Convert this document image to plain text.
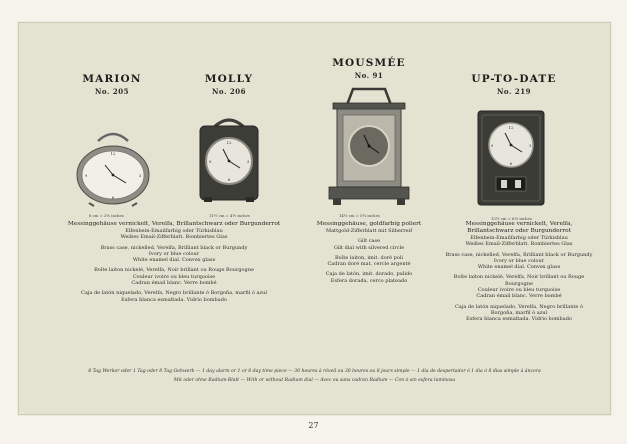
MARION
No. 205
12
3
6
9
6 cm = 2⅜ inches
MOLLY
No. 206
12
3
6
9
11½ cm = 4½ inches
MOUSMÉE
No. 91
14½ cm = 5¾ inches
UP-TO-DATE
No. 219
12
3
6
9
15½ cm = 6⅛ inches
Messinggehäuse vernickelt, Verelfa, Brillantschwarz oder Burgunderrot
Elfenbein-Emailfarbig oder Türkisblau
Weißes Email-Zifferblatt. Bombiertes Glas
Brass case, nickelled, Verelfa, Brilliant black or Burgundy
Ivory or blue colour
White enamel dial. Convex glass
Boîte laiton nickelé, Verelfa, Noir brillant ou Rouge Bourgogne
Couleur ivoire ou bleu turquoise
Cadran émail blanc. Verre bombé
Caja de latón niquelado, Verelfa, Negro brillante ó Borgoña, marfil ó azul
Esfera blanca esmaltada. Vidrio bombado
Messinggehäuse, goldfarbig poliert
Mattgold-Zifferblatt mit Silberreif
Gilt case
Gilt dial with silvered circle
Boîte laiton, imit. doré poli
Cadran doré mat, cercle argenté
Caja de latón, imit. dorado, pulido
Esfera dorada, cerco plateado
Messinggehäuse vernickelt, Verelfa, Brillantschwarz oder Burgunderrot
Elfenbein-Emailfarbig oder Türkisblau
Weißes Email-Zifferblatt. Bombiertes Glas
Brass case, nickelled, Verelfa, Brilliant black or Burgundy
Ivory or blue colour
White enamel dial. Convex glass
Boîte laiton nickelé, Verelfa, Noir brillant ou Rouge Bourgogne
Couleur ivoire ou bleu turquoise
Cadran émail blanc. Verre bombé
Caja de latón niquelado, Verelfa, Negro brillante ó Borgoña, marfil ó azul
Esfera blanca esmaltada. Vidrio bombado
8 Tag Werker oder 1 Tag oder 8 Tag Gehwerk — 1 day alarm or 1 or 8 day time piece — 30 heures à réveil ou 30 heures ou 8 jours simple — 1 dia de despertador ó 1 dia ó 8 dias simple á áncora
Mit oder ohne Radium-Blatt — With or without Radium dial — Avec ou sans cadran Radium — Con ó sin esfera luminosa
27
